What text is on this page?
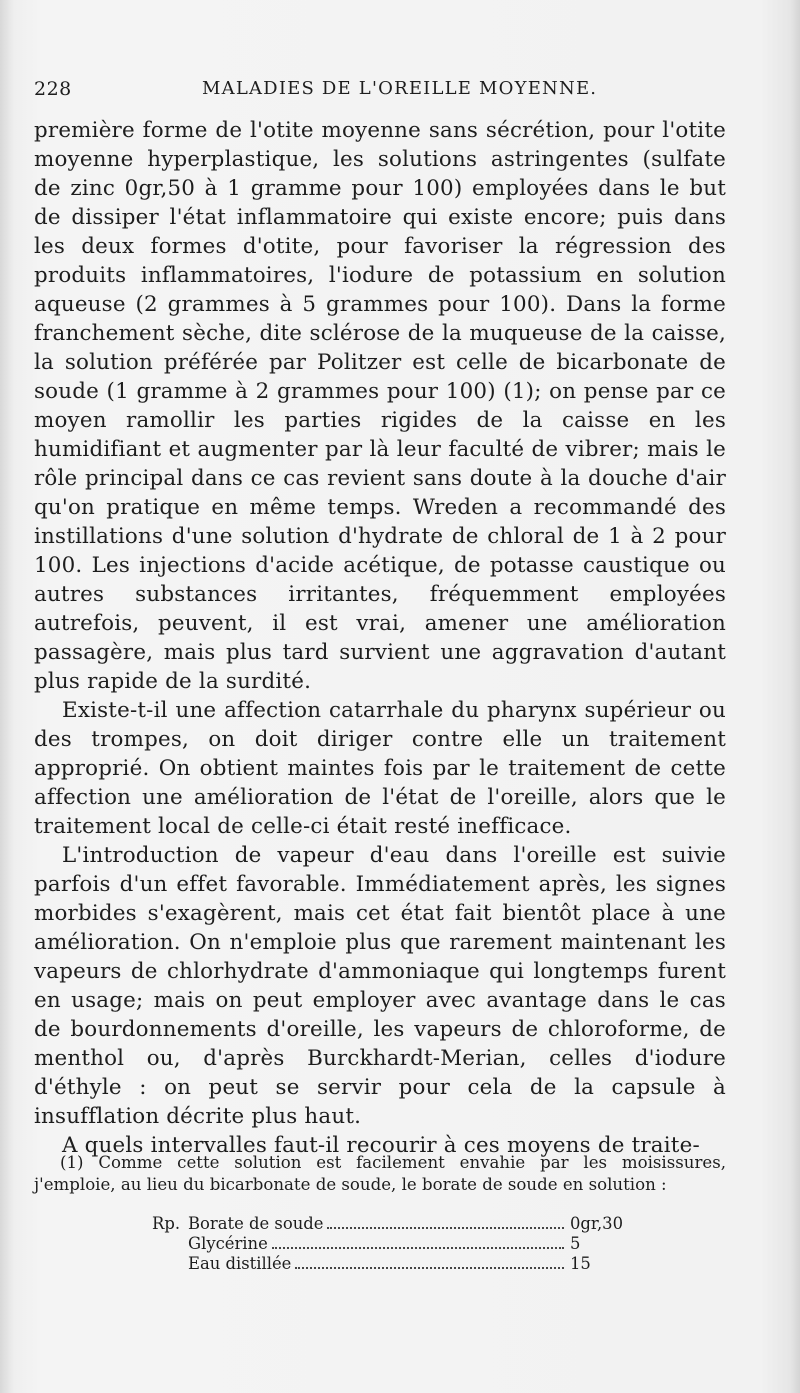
228	MALADIES DE L'OREILLE MOYENNE.

première forme de l'otite moyenne sans sécrétion, pour l'otite moyenne hyperplastique, les solutions astringentes (sulfate de zinc 0gr,50 à 1 gramme pour 100) employées dans le but de dissiper l'état inflammatoire qui existe encore; puis dans les deux formes d'otite, pour favoriser la régression des produits inflammatoires, l'iodure de potassium en solution aqueuse (2 grammes à 5 grammes pour 100). Dans la forme franchement sèche, dite sclérose de la muqueuse de la caisse, la solution préférée par Politzer est celle de bicarbonate de soude (1 gramme à 2 grammes pour 100) (1); on pense par ce moyen ramollir les parties rigides de la caisse en les humidifiant et augmenter par là leur faculté de vibrer; mais le rôle principal dans ce cas revient sans doute à la douche d'air qu'on pratique en même temps. Wreden a recommandé des instillations d'une solution d'hydrate de chloral de 1 à 2 pour 100. Les injections d'acide acétique, de potasse caustique ou autres substances irritantes, fréquemment employées autrefois, peuvent, il est vrai, amener une amélioration passagère, mais plus tard survient une aggravation d'autant plus rapide de la surdité.

Existe-t-il une affection catarrhale du pharynx supérieur ou des trompes, on doit diriger contre elle un traitement approprié. On obtient maintes fois par le traitement de cette affection une amélioration de l'état de l'oreille, alors que le traitement local de celle-ci était resté inefficace.

L'introduction de vapeur d'eau dans l'oreille est suivie parfois d'un effet favorable. Immédiatement après, les signes morbides s'exagèrent, mais cet état fait bientôt place à une amélioration. On n'emploie plus que rarement maintenant les vapeurs de chlorhydrate d'ammoniaque qui longtemps furent en usage; mais on peut employer avec avantage dans le cas de bourdonnements d'oreille, les vapeurs de chloroforme, de menthol ou, d'après Burckhardt-Merian, celles d'iodure d'éthyle : on peut se servir pour cela de la capsule à insufflation décrite plus haut.

A quels intervalles faut-il recourir à ces moyens de traite-

(1) Comme cette solution est facilement envahie par les moisissures, j'emploie, au lieu du bicarbonate de soude, le borate de soude en solution :

Rp. Borate de soude	0gr,30
Glycérine	5
Eau distillée	15
